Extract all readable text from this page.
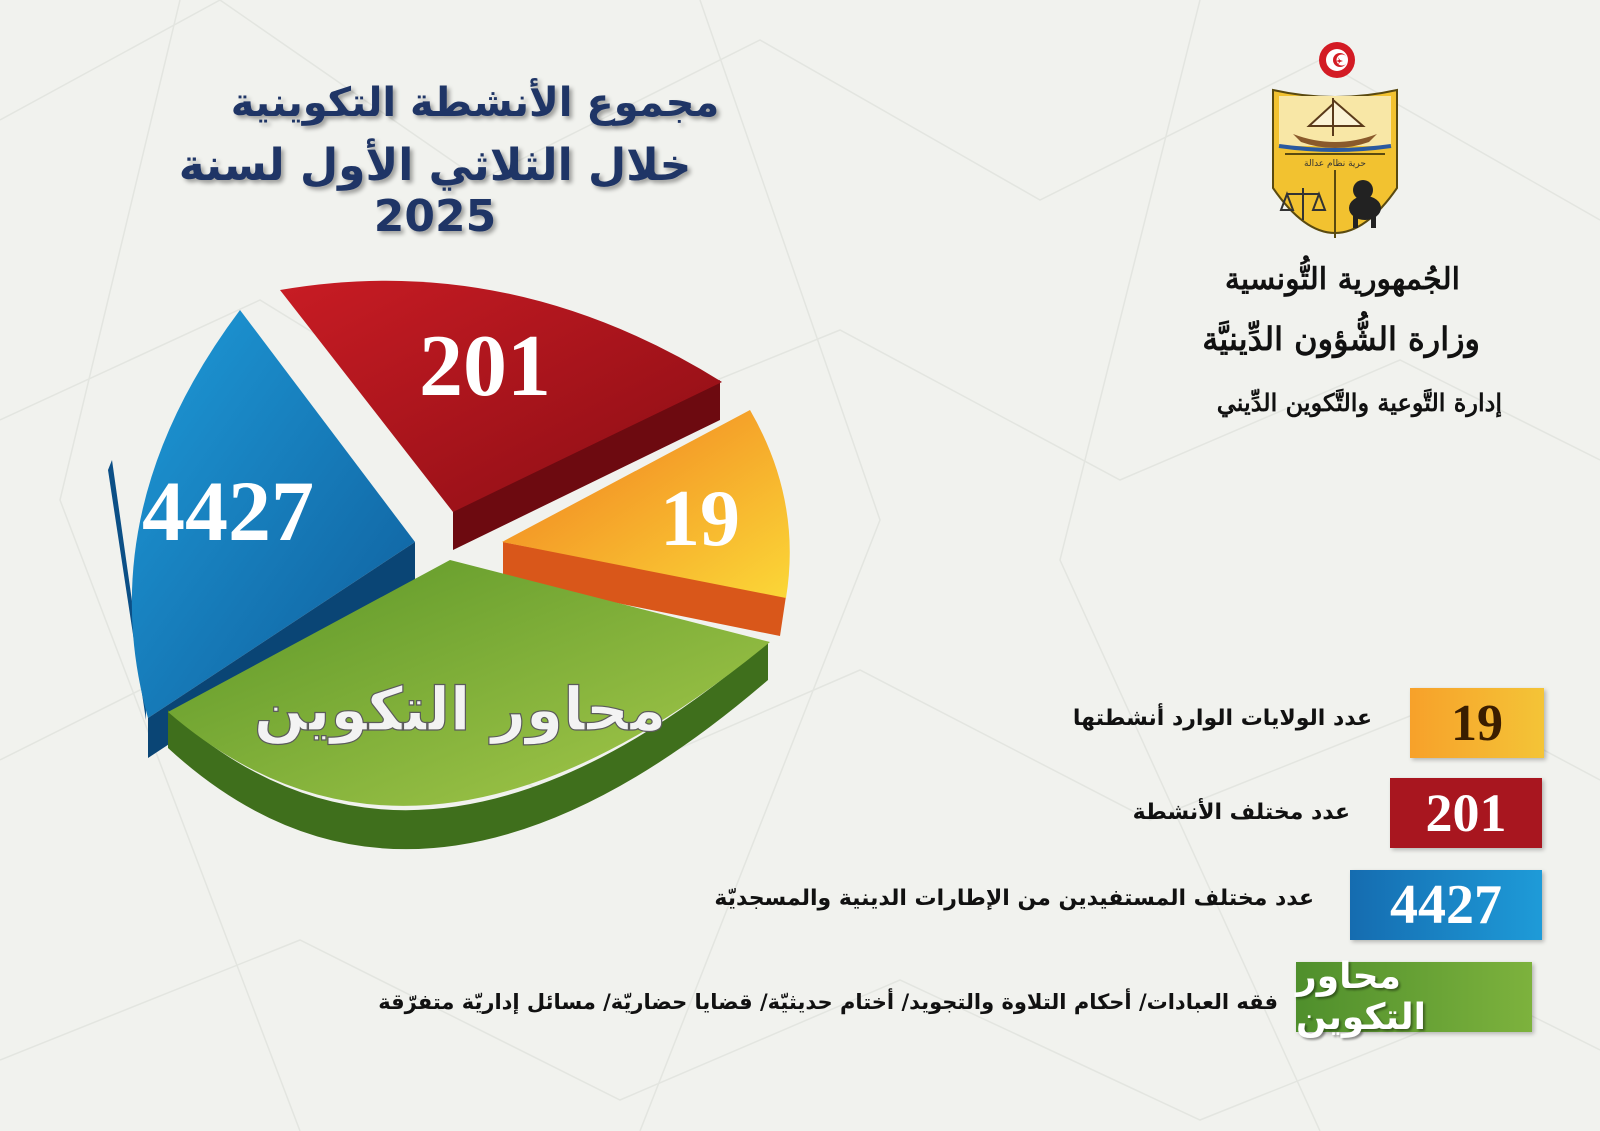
مجموع الأنشطة التكوينية
خلال الثلاثي الأول لسنة 2025
201
19
محاور التكوين
4427
حرية نظام عدالة
الجُمهورية التُّونسية
وزارة الشُّؤون الدِّينيَّة
إدارة التَّوعية والتَّكوين الدِّيني
19
عدد الولايات الوارد أنشطتها
201
عدد مختلف الأنشطة
4427
عدد مختلف المستفيدين من الإطارات الدينية والمسجديّة
محاور التكوين
فقه العبادات/ أحكام التلاوة والتجويد/ أختام حديثيّة/ قضايا حضاريّة/ مسائل إداريّة متفرّقة
